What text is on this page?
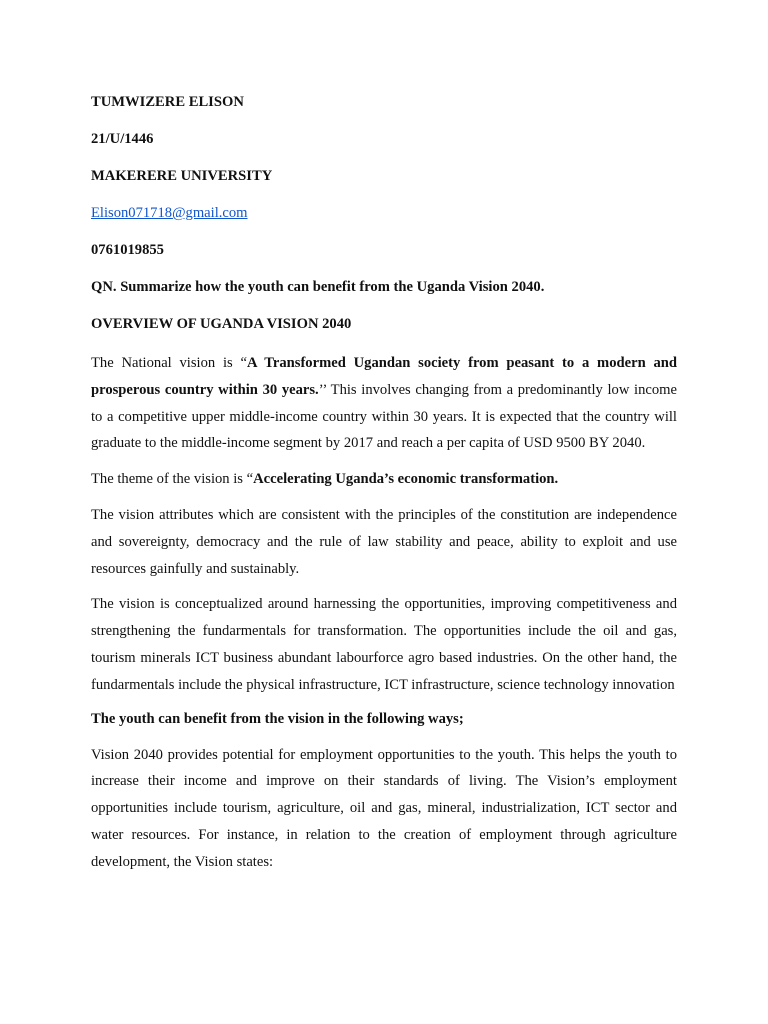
TUMWIZERE ELISON
21/U/1446
MAKERERE UNIVERSITY
Elison071718@gmail.com
0761019855
QN. Summarize how the youth can benefit from the Uganda Vision 2040.
OVERVIEW OF UGANDA VISION 2040

The National vision is “A Transformed Ugandan society from peasant to a modern and prosperous country within 30 years.’’ This involves changing from a predominantly low income to a competitive upper middle-income country within 30 years. It is expected that the country will graduate to the middle-income segment by 2017 and reach a per capita of USD 9500 BY 2040.

The theme of the vision is “Accelerating Uganda’s economic transformation.

The vision attributes which are consistent with the principles of the constitution are independence and sovereignty, democracy and the rule of law stability and peace, ability to exploit and use resources gainfully and sustainably.

The vision is conceptualized around harnessing the opportunities, improving competitiveness and strengthening the fundarmentals for transformation. The opportunities include the oil and gas, tourism minerals ICT business abundant labourforce agro based industries. On the other hand, the fundarmentals include the physical infrastructure, ICT infrastructure, science technology innovation

The youth can benefit from the vision in the following ways;

Vision 2040 provides potential for employment opportunities to the youth. This helps the youth to increase their income and improve on their standards of living. The Vision’s employment opportunities include tourism, agriculture, oil and gas, mineral, industrialization, ICT sector and water resources. For instance, in relation to the creation of employment through agriculture development, the Vision states:
